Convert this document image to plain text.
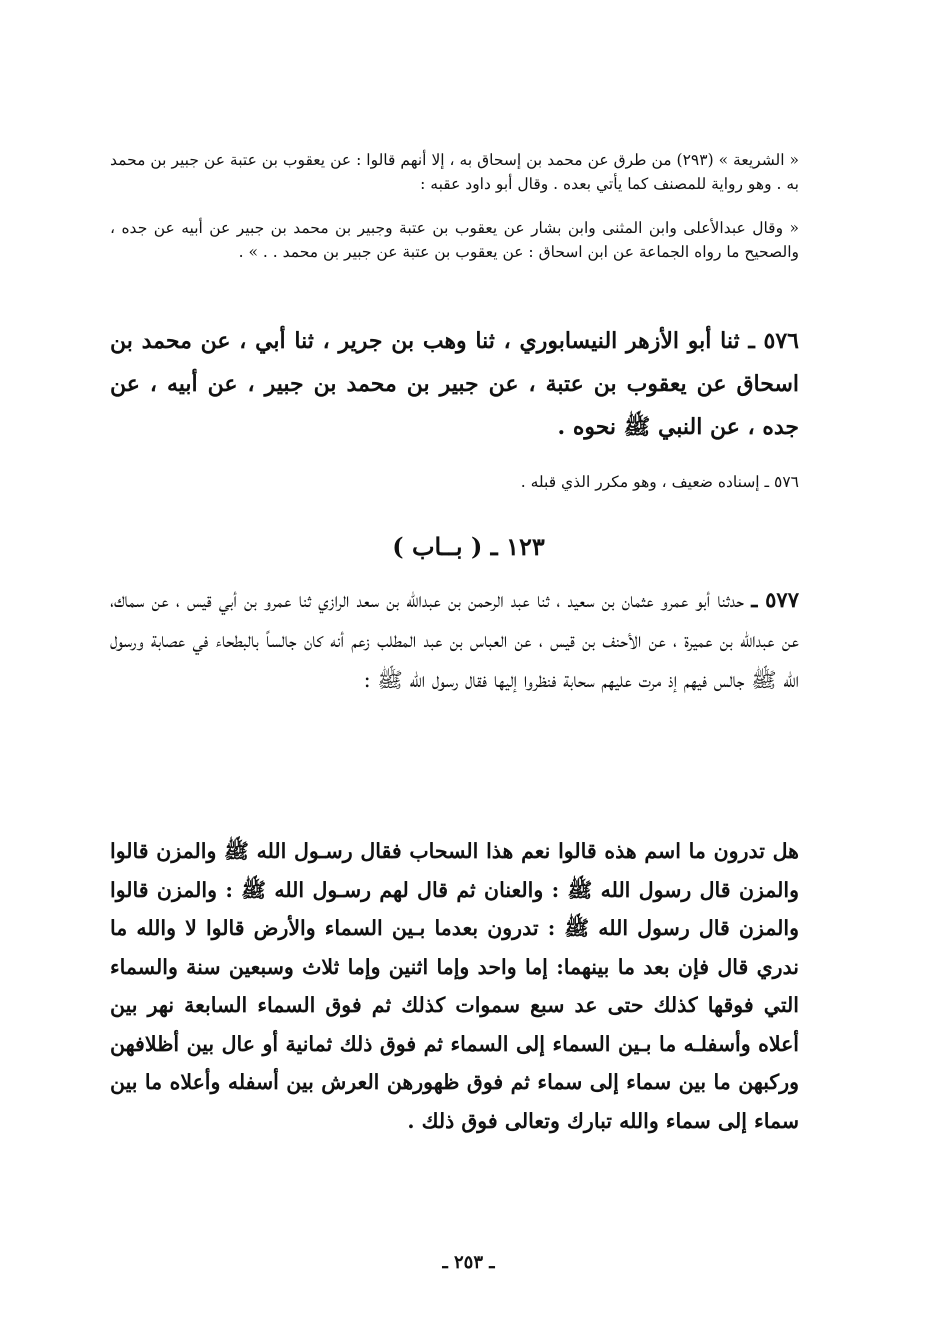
« الشريعة » (٢٩٣) من طرق عن محمد بن إسحاق به ، إلا أنهم قالوا : عن يعقوب بن عتبة عن جبير بن محمد به . وهو رواية للمصنف كما يأتي بعده . وقال أبو داود عقبه :
« وقال عبدالأعلى وابن المثنى وابن بشار عن يعقوب بن عتبة وجبير بن محمد بن جبير عن أبيه عن جده ، والصحيح ما رواه الجماعة عن ابن اسحاق : عن يعقوب بن عتبة عن جبير بن محمد . . » .
٥٧٦ ـ ثنا أبو الأزهر النيسابوري ، ثنا وهب بن جرير ، ثنا أبي ، عن محمد بن اسحاق عن يعقوب بن عتبة ، عن جبير بن محمد بن جبير ، عن أبيه ، عن جده ، عن النبي ﷺ نحوه .
٥٧٦ ـ إسناده ضعيف ، وهو مكرر الذي قبله .
١٢٣ ـ ( بــاب )
٥٧٧ ـ حدثنا أبو عمرو عثمان بن سعيد ، ثنا عبد الرحمن بن عبدالله بن سعد الرازي ثنا عمرو بن أبي قيس ، عن سماك، عن عبدالله بن عميرة ، عن الأحنف بن قيس ، عن العباس بن عبد المطلب زعم أنه كان جالساً بالبطحاء في عصابة ورسول الله ﷺ جالس فيهم إذ مرت عليهم سحابة فنظروا إليها فقال رسول الله ﷺ :
هل تدرون ما اسم هذه قالوا نعم هذا السحاب فقال رسـول الله ﷺ والمزن قالوا والمزن قال رسول الله ﷺ : والعنان ثم قال لهم رسـول الله ﷺ : والمزن قالوا والمزن قال رسول الله ﷺ : تدرون بعدما بـين السماء والأرض قالوا لا والله ما ندري قال فإن بعد ما بينهما: إما واحد وإما اثنين وإما ثلاث وسبعين سنة والسماء التي فوقها كذلك حتى عد سبع سموات كذلك ثم فوق السماء السابعة نهر بين أعلاه وأسفلـه ما بـين السماء إلى السماء ثم فوق ذلك ثمانية أو عال بين أظلافهن وركبهن ما بين سماء إلى سماء ثم فوق ظهورهن العرش بين أسفله وأعلاه ما بين سماء إلى سماء والله تبارك وتعالى فوق ذلك .
ـ ٢٥٣ ـ
